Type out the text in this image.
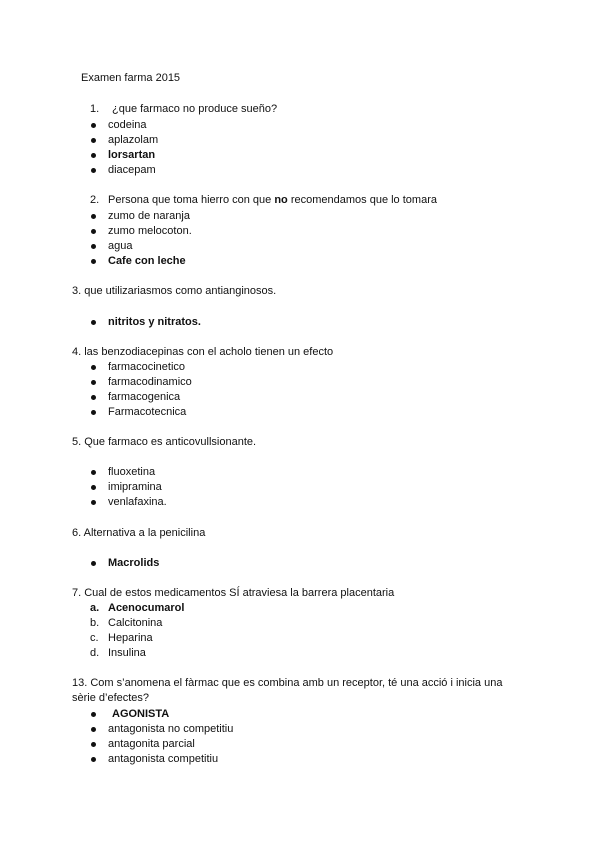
Examen farma 2015
1. ¿que farmaco no produce sueño?
codeina
aplazolam
lorsartan
diacepam
2. Persona que toma hierro con que no recomendamos que lo tomara
zumo de naranja
zumo melocoton.
agua
Cafe con leche
3. que utilizariasmos como antianginosos.
nitritos y nitratos.
4. las benzodiacepinas con el acholo tienen un efecto
farmacocinetico
farmacodinamico
farmacogenica
Farmacotecnica
5. Que farmaco es anticovullsionante.
fluoxetina
imipramina
venlafaxina.
6. Alternativa a la penicilina
Macrolids
7. Cual de estos medicamentos SÍ atraviesa la barrera placentaria
a. Acenocumarol
b. Calcitonina
c. Heparina
d. Insulina
13. Com s’anomena el fàrmac que es combina amb un receptor, té una acció i inicia una
sèrie d’efectes?
AGONISTA
antagonista no competitiu
antagonita parcial
antagonista competitiu
